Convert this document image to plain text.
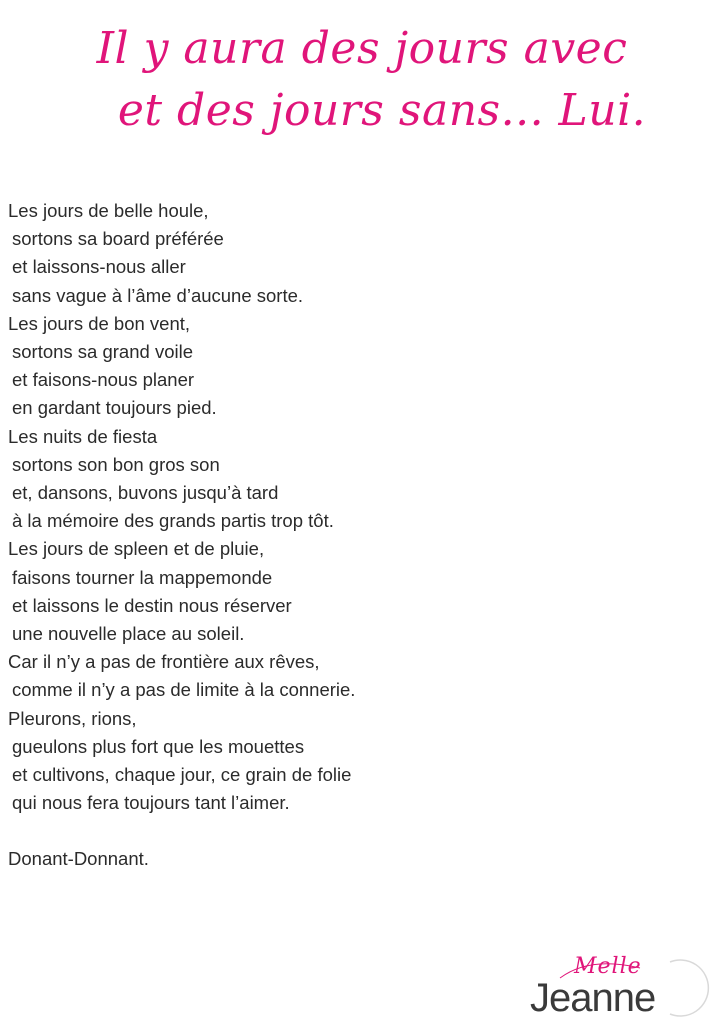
Il y aura des jours avec
et des jours sans... Lui.
Les jours de belle houle,
sortons sa board préférée
et laissons-nous aller
sans vague à l’âme d’aucune sorte.
Les jours de bon vent,
sortons sa grand voile
et faisons-nous planer
en gardant toujours pied.
Les nuits de fiesta
sortons son bon gros son
et, dansons, buvons jusqu’à tard
à la mémoire des grands partis trop tôt.
Les jours de spleen et de pluie,
faisons tourner la mappemonde
et laissons le destin nous réserver
une nouvelle place au soleil.
Car il n’y a pas de frontière aux rêves,
comme il n’y a pas de limite à la connerie.
Pleurons, rions,
gueulons plus fort que les mouettes
et cultivons, chaque jour, ce grain de folie
qui nous fera toujours tant l’aimer.
Donant-Donnant.
Melle
Jeanne
